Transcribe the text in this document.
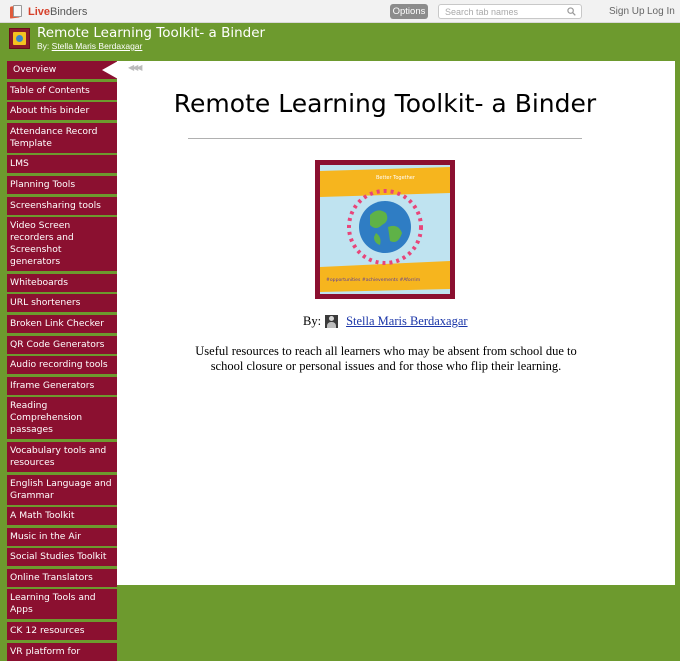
LiveBinders	Options
Search tab names	Sign Up Log In
Remote Learning Toolkit- a Binder
By: Stella Maris Berdaxagar
Overview
Table of Contents
About this binder
Attendance Record Template
LMS
Planning Tools
Screensharing tools
Video Screen recorders and Screenshot generators
Whiteboards
URL shorteners
Broken Link Checker
QR Code Generators
Audio recording tools
Iframe Generators
Reading Comprehension passages
Vocabulary tools and resources
English Language and Grammar
A Math Toolkit
Music in the Air
Social Studies Toolkit
Online Translators
Learning Tools and Apps
CK 12 resources
VR platform for
◀◀◀
Remote Learning Toolkit- a Binder
Better Together
#opportunities #achievements #Aforrim
By: Stella Maris Berdaxagar
Useful resources to reach all learners who may be absent from school due to school closure or personal issues and for those who flip their learning.
